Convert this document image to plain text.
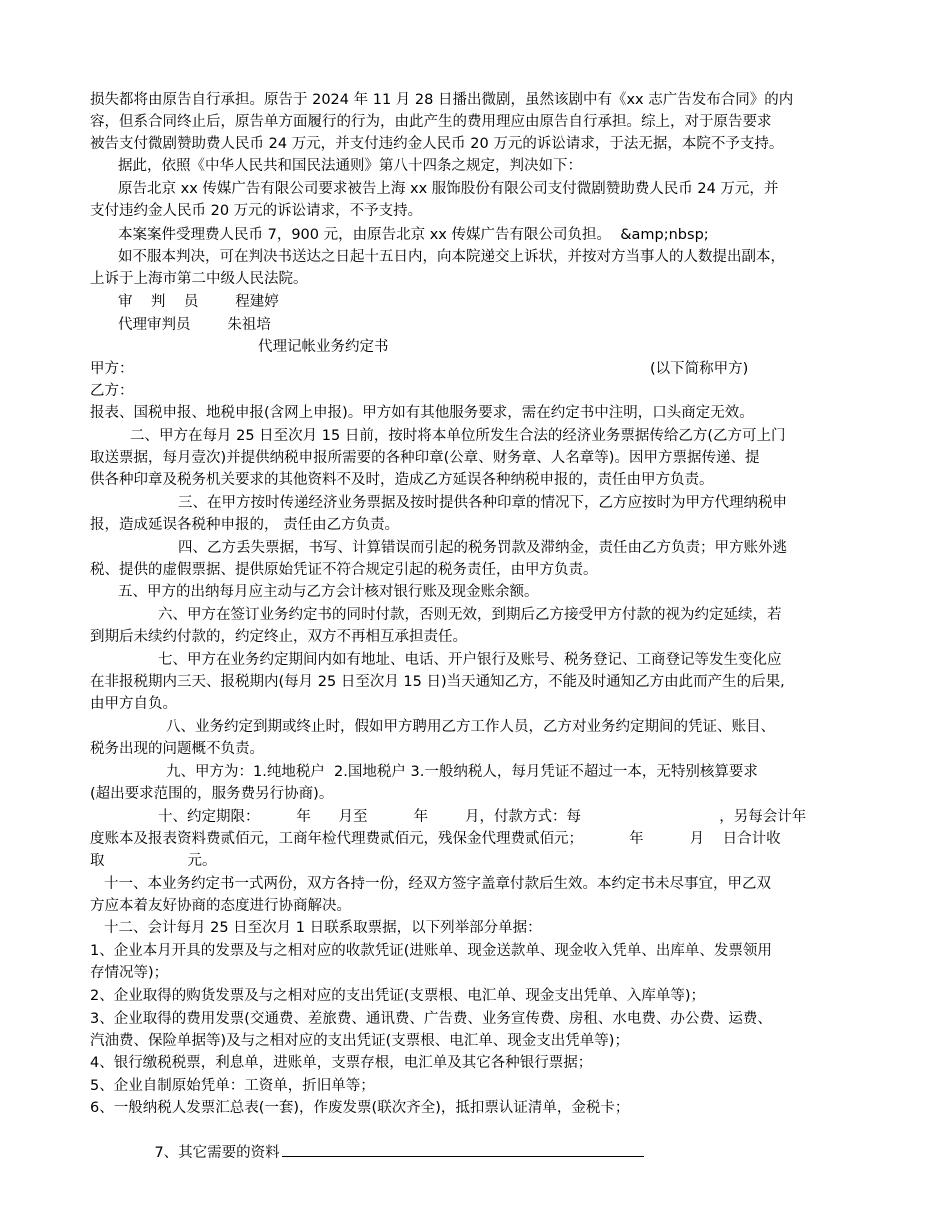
损失都将由原告自行承担。原告于 2024 年 11 月 28 日播出微剧，虽然该剧中有《xx 志广告发布合同》的内
容，但系合同终止后，原告单方面履行的行为，由此产生的费用理应由原告自行承担。综上，对于原告要求
被告支付微剧赞助费人民币 24 万元，并支付违约金人民币 20 万元的诉讼请求，于法无据，本院不予支持。
据此，依照《中华人民共和国民法通则》第八十四条之规定，判决如下：
原告北京 xx 传媒广告有限公司要求被告上海 xx 服饰股份有限公司支付微剧赞助费人民币 24 万元，并
支付违约金人民币 20 万元的诉讼请求，不予支持。
本案案件受理费人民币 7，900 元，由原告北京 xx 传媒广告有限公司负担。  &amp;nbsp;
如不服本判决，可在判决书送达之日起十五日内，向本院递交上诉状，并按对方当事人的人数提出副本，
上诉于上海市第二中级人民法院。
审    判    员        程建婷
代理审判员        朱祖培
代理记帐业务约定书
甲方：	(以下简称甲方)
乙方：
报表、国税申报、地税申报(含网上申报)。甲方如有其他服务要求，需在约定书中注明，口头商定无效。
二、甲方在每月 25 日至次月 15 日前，按时将本单位所发生合法的经济业务票据传给乙方(乙方可上门
取送票据，每月壹次)并提供纳税申报所需要的各种印章(公章、财务章、人名章等)。因甲方票据传递、提
供各种印章及税务机关要求的其他资料不及时，造成乙方延误各种纳税申报的，责任由甲方负责。
三、在甲方按时传递经济业务票据及按时提供各种印章的情况下，乙方应按时为甲方代理纳税申
报，造成延误各税种申报的， 责任由乙方负责。
四、乙方丢失票据，书写、计算错误而引起的税务罚款及滞纳金，责任由乙方负责；甲方账外逃
税、提供的虚假票据、提供原始凭证不符合规定引起的税务责任，由甲方负责。
五、甲方的出纳每月应主动与乙方会计核对银行账及现金账余额。
六、甲方在签订业务约定书的同时付款，否则无效，到期后乙方接受甲方付款的视为约定延续，若
到期后未续约付款的，约定终止，双方不再相互承担责任。
七、甲方在业务约定期间内如有地址、电话、开户银行及账号、税务登记、工商登记等发生变化应
在非报税期内三天、报税期内(每月 25 日至次月 15 日)当天通知乙方，不能及时通知乙方由此而产生的后果,
由甲方自负。
八、业务约定到期或终止时，假如甲方聘用乙方工作人员，乙方对业务约定期间的凭证、账目、
税务出现的问题概不负责。
九、甲方为：1.纯地税户  2.国地税户 3.一般纳税人，每月凭证不超过一本，无特别核算要求
(超出要求范围的，服务费另行协商)。
十、约定期限：        年      月至          年        月，付款方式：每                              ，另每会计年
度账本及报表资料费贰佰元，工商年检代理费贰佰元，残保金代理费贰佰元；          年          月    日合计收
取                  元。
十一、本业务约定书一式两份，双方各持一份，经双方签字盖章付款后生效。本约定书未尽事宜，甲乙双
方应本着友好协商的态度进行协商解决。
十二、会计每月 25 日至次月 1 日联系取票据，以下列举部分单据：
1、企业本月开具的发票及与之相对应的收款凭证(进账单、现金送款单、现金收入凭单、出库单、发票领用
存情况等)；
2、企业取得的购货发票及与之相对应的支出凭证(支票根、电汇单、现金支出凭单、入库单等)；
3、企业取得的费用发票(交通费、差旅费、通讯费、广告费、业务宣传费、房租、水电费、办公费、运费、
汽油费、保险单据等)及与之相对应的支出凭证(支票根、电汇单、现金支出凭单等)；
4、银行缴税税票，利息单，进账单，支票存根，电汇单及其它各种银行票据；
5、企业自制原始凭单：工资单，折旧单等；
6、一般纳税人发票汇总表(一套)，作废发票(联次齐全)，抵扣票认证清单，金税卡；

7、其它需要的资料
